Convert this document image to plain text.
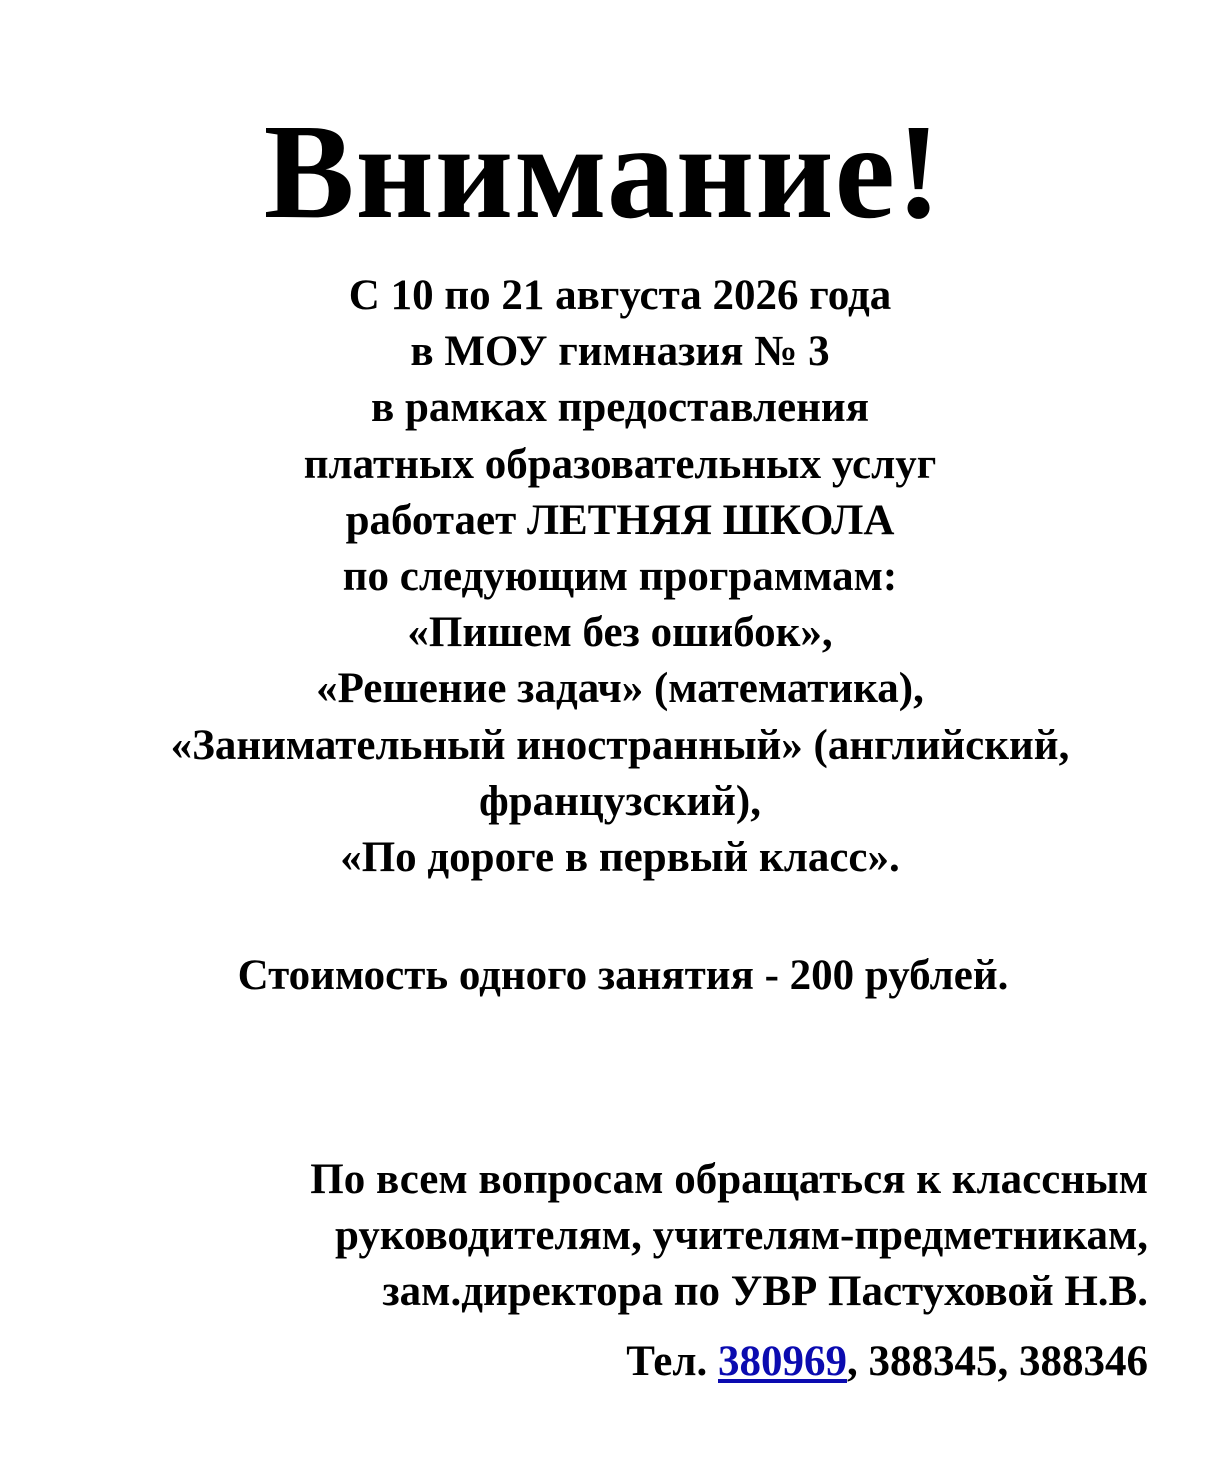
Внимание!
С 10 по 21 августа 2026 года
в МОУ гимназия № 3
в рамках предоставления
платных образовательных услуг
работает ЛЕТНЯЯ ШКОЛА
по следующим программам:
«Пишем без ошибок»,
«Решение задач» (математика),
«Занимательный иностранный» (английский,
французский),
«По дороге в первый класс».
Стоимость одного занятия - 200 рублей.
По всем вопросам обращаться к классным
руководителям, учителям-предметникам,
зам.директора по УВР Пастуховой Н.В.
Тел. 380969, 388345, 388346
